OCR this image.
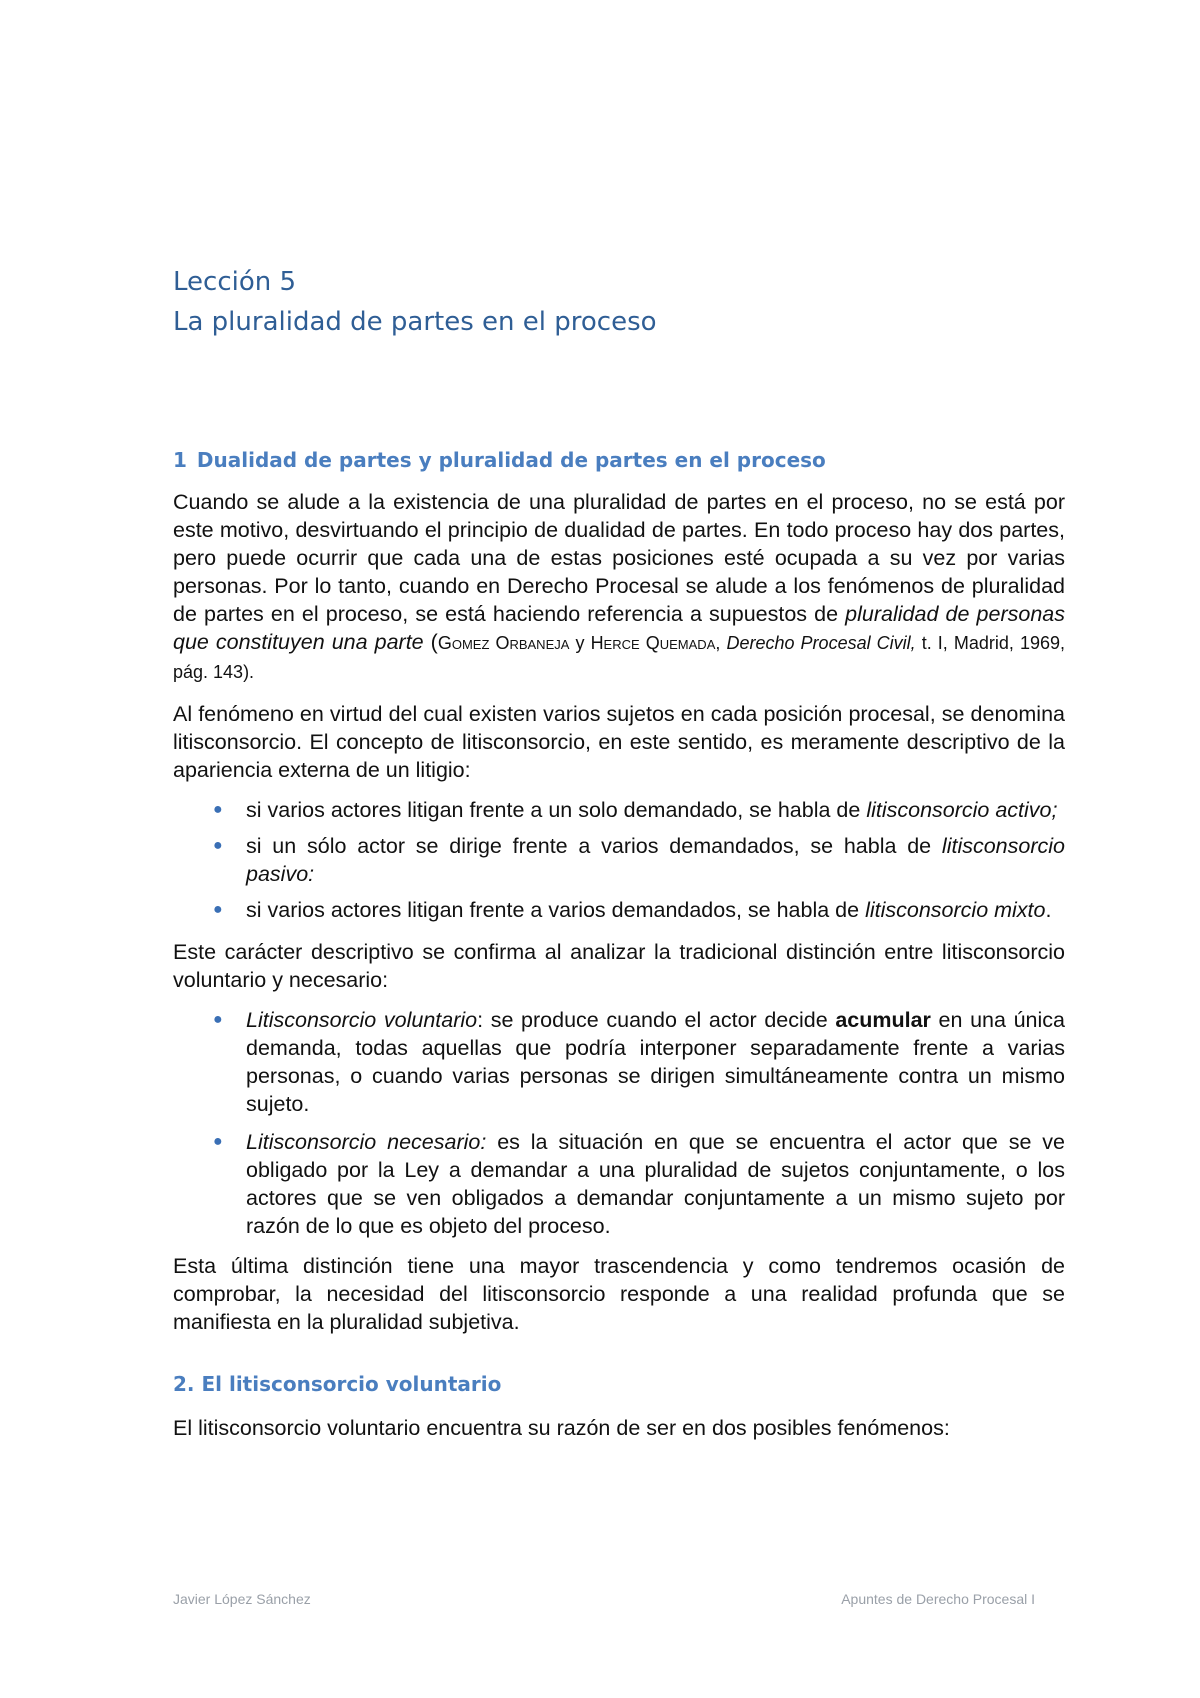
Lección 5
La pluralidad de partes en el proceso
1 Dualidad de partes y pluralidad de partes en el proceso

Cuando se alude a la existencia de una pluralidad de partes en el proceso, no se está por este motivo, desvirtuando el principio de dualidad de partes. En todo proceso hay dos partes, pero puede ocurrir que cada una de estas posiciones esté ocupada a su vez por varias personas. Por lo tanto, cuando en Derecho Procesal se alude a los fenómenos de pluralidad de partes en el proceso, se está haciendo referencia a supuestos de pluralidad de personas que constituyen una parte (Gomez Orbaneja y Herce Quemada, Derecho Procesal Civil, t. I, Madrid, 1969, pág. 143).

Al fenómeno en virtud del cual existen varios sujetos en cada posición procesal, se denomina litisconsorcio. El concepto de litisconsorcio, en este sentido, es meramente descriptivo de la apariencia externa de un litigio:

● si varios actores litigan frente a un solo demandado, se habla de litisconsorcio activo;
● si un sólo actor se dirige frente a varios demandados, se habla de litisconsorcio pasivo:
● si varios actores litigan frente a varios demandados, se habla de litisconsorcio mixto.

Este carácter descriptivo se confirma al analizar la tradicional distinción entre litisconsorcio voluntario y necesario:

● Litisconsorcio voluntario: se produce cuando el actor decide acumular en una única demanda, todas aquellas que podría interponer separadamente frente a varias personas, o cuando varias personas se dirigen simultáneamente contra un mismo sujeto.
● Litisconsorcio necesario: es la situación en que se encuentra el actor que se ve obligado por la Ley a demandar a una pluralidad de sujetos conjuntamente, o los actores que se ven obligados a demandar conjuntamente a un mismo sujeto por razón de lo que es objeto del proceso.

Esta última distinción tiene una mayor trascendencia y como tendremos ocasión de comprobar, la necesidad del litisconsorcio responde a una realidad profunda que se manifiesta en la pluralidad subjetiva.

2. El litisconsorcio voluntario

El litisconsorcio voluntario encuentra su razón de ser en dos posibles fenómenos:

Javier López Sánchez	Apuntes de Derecho Procesal I
